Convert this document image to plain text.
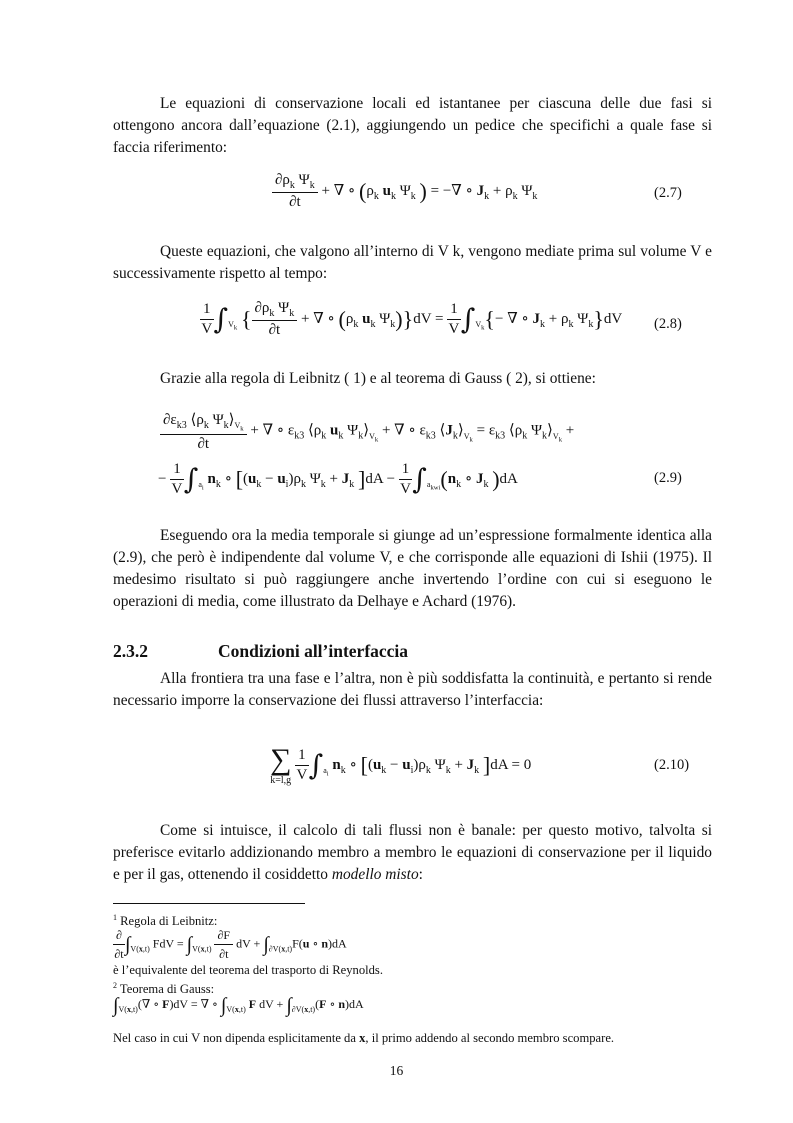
Le equazioni di conservazione locali ed istantanee per ciascuna delle due fasi si ottengono ancora dall’equazione (2.1), aggiungendo un pedice che specifichi a quale fase si faccia riferimento:
$\frac{\partial\rho_k \Psi_k}{\partial t}$ + ∇ ∘ ($\rho_k$ $u_k$ $\Psi_k$ ) = −∇ ∘ $J_k + \rho_k$ $\Psi_k$	(2.7)
Queste equazioni, che valgono all’interno di V k, vengono mediate prima sul volume V e successivamente rispetto al tempo:
$\frac{1}{V} \int_{V_k}$ { $\frac{\partial\rho_k \Psi_k}{\partial t}$ + ∇ ∘ ($\rho_k$ $u_k$ $\Psi_k)\}dV = \frac{1}{V} \int_{V_k}\{-$ ∇ ∘ $J_k + \rho_k$ $\Psi_k\}dV$ (2.8)
Grazie alla regola di Leibnitz ( 1) e al teorema di Gauss ( 2), si ottiene:
$\frac{\partial\varepsilon_{k3} ⟨\rho_k \Psi_k⟩_{V_k}}{\partial t}$ + ∇ ∘ $\varepsilon_{k3}$ $⟨\rho_k$ $u_k$ $\Psi_k⟩_{V_k}$ + ∇ ∘ $\varepsilon_{k3}$ $⟨J_k⟩_{V_k} = \varepsilon_{k3}$ $⟨\rho_k$ $\Psi_k⟩_{V_k}$ +
− $\frac{1}{V} \int_{a_i}$ $n_k$ ∘ [$(u_k - u_i)\rho_k$ $\Psi_k + J_k$ ]$dA - \frac{1}{V} \int_{a_{kwi}}(n_k$ ∘ $J_k$ )dA	(2.9)
Eseguendo ora la media temporale si giunge ad un’espressione formalmente identica alla (2.9), che però è indipendente dal volume V, e che corrisponde alle equazioni di Ishii (1975). Il medesimo risultato si può raggiungere anche invertendo l’ordine con cui si eseguono le operazioni di media, come illustrato da Delhaye e Achard (1976).
2.3.2	Condizioni all’interfaccia
Alla frontiera tra una fase e l’altra, non è più soddisfatta la continuità, e pertanto si rende necessario imporre la conservazione dei flussi attraverso l’interfaccia:
∑
k=l,g
$\frac{1}{V} \int_{a_i}$ $n_k$ ∘ [$(u_k - u_i)\rho_k$ $\Psi_k + J_k$ ]dA = 0	(2.10)
Come si intuisce, il calcolo di tali flussi non è banale: per questo motivo, talvolta si preferisce evitarlo addizionando membro a membro le equazioni di conservazione per il liquido e per il gas, ottenendo il cosiddetto modello misto:
$^1$ Regola di Leibnitz:
$\frac{\partial}{\partial t} \int_{V(x,t)}$ FdV = $\int_{V(x,t)} \frac{\partial F}{\partial t}$ dV + $\int_{\partial V(x,t)}F(u$ ∘ n)dA
è l’equivalente del teorema del trasporto di Reynolds.
$^2$ Teorema di Gauss:
$\int_{V(x,t)}(\nabla$ ∘ F)dV = ∇ ∘ $\int_{V(x,t)}$ F dV + $\int_{\partial V(x,t)}(F$ ∘ n)dA
Nel caso in cui V non dipenda esplicitamente da x, il primo addendo al secondo membro scompare.
16
